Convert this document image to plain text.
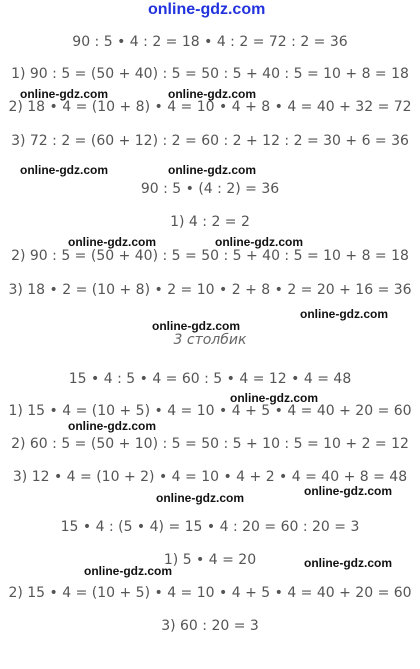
online-gdz.com
90 : 5 • 4 : 2 = 18 • 4 : 2 = 72 : 2 = 36
1) 90 : 5 = (50 + 40) : 5 = 50 : 5 + 40 : 5 = 10 + 8 = 18
2) 18 • 4 = (10 + 8) • 4 = 10 • 4 + 8 • 4 = 40 + 32 = 72
3) 72 : 2 = (60 + 12) : 2 = 60 : 2 + 12 : 2 = 30 + 6 = 36
90 : 5 • (4 : 2) = 36
1) 4 : 2 = 2
2) 90 : 5 = (50 + 40) : 5 = 50 : 5 + 40 : 5 = 10 + 8 = 18
3) 18 • 2 = (10 + 8) • 2 = 10 • 2 + 8 • 2 = 20 + 16 = 36
3 столбик
15 • 4 : 5 • 4 = 60 : 5 • 4 = 12 • 4 = 48
1) 15 • 4 = (10 + 5) • 4 = 10 • 4 + 5 • 4 = 40 + 20 = 60
2) 60 : 5 = (50 + 10) : 5 = 50 : 5 + 10 : 5 = 10 + 2 = 12
3) 12 • 4 = (10 + 2) • 4 = 10 • 4 + 2 • 4 = 40 + 8 = 48
15 • 4 : (5 • 4) = 15 • 4 : 20 = 60 : 20 = 3
1) 5 • 4 = 20
2) 15 • 4 = (10 + 5) • 4 = 10 • 4 + 5 • 4 = 40 + 20 = 60
3) 60 : 20 = 3
online-gdz.com	online-gdz.com
online-gdz.com	online-gdz.com
online-gdz.com	online-gdz.com
online-gdz.com
online-gdz.com
online-gdz.com
online-gdz.com
online-gdz.com
online-gdz.com
online-gdz.com
online-gdz.com
